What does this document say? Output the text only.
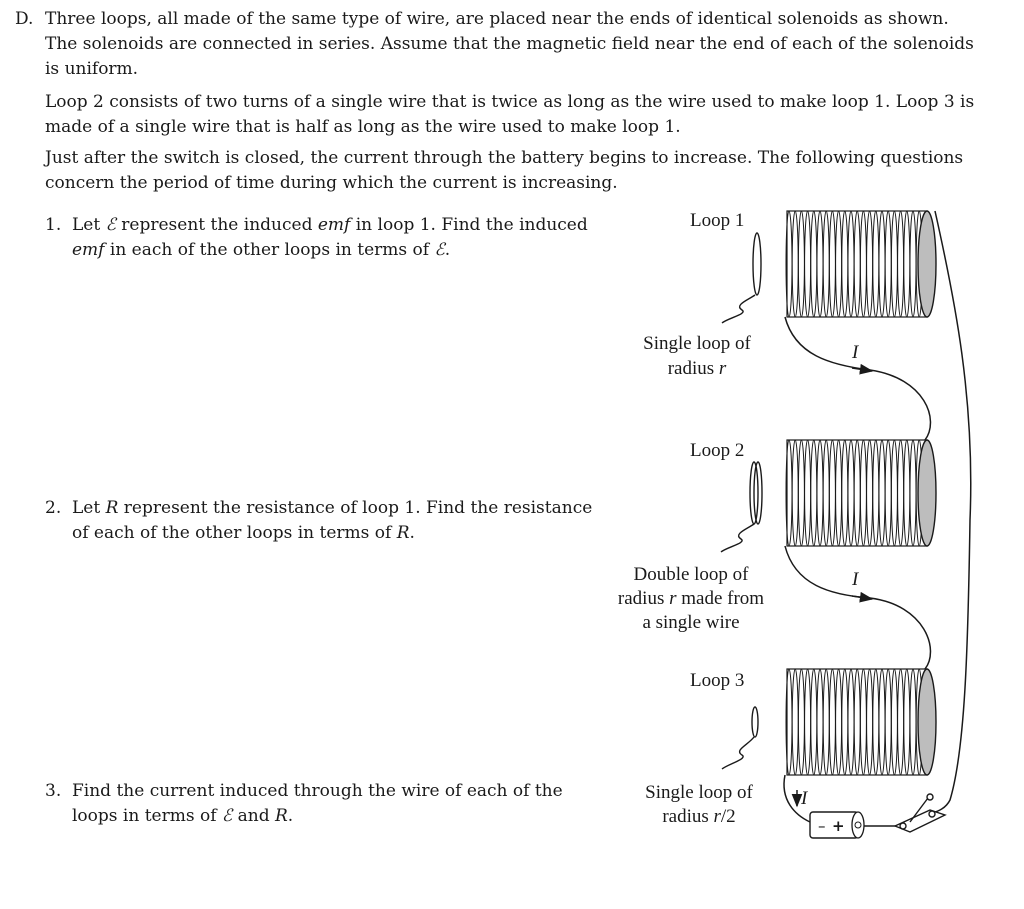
D. Three loops, all made of the same type of wire, are placed near the ends of identical solenoids as shown. The solenoids are connected in series. Assume that the magnetic field near the end of each of the solenoids is uniform.

Loop 2 consists of two turns of a single wire that is twice as long as the wire used to make loop 1. Loop 3 is made of a single wire that is half as long as the wire used to make loop 1.

Just after the switch is closed, the current through the battery begins to increase. The following questions concern the period of time during which the current is increasing.

1. Let ℰ represent the induced emf in loop 1. Find the induced emf in each of the other loops in terms of ℰ.
2. Let R represent the resistance of loop 1. Find the resistance of each of the other loops in terms of R.
3. Find the current induced through the wire of each of the loops in terms of ℰ and R.
I
I
I
– +
Loop 1
Single loop of
radius r
Loop 2
Double loop of
radius r made from
a single wire
Loop 3
Single loop of
radius r/2
